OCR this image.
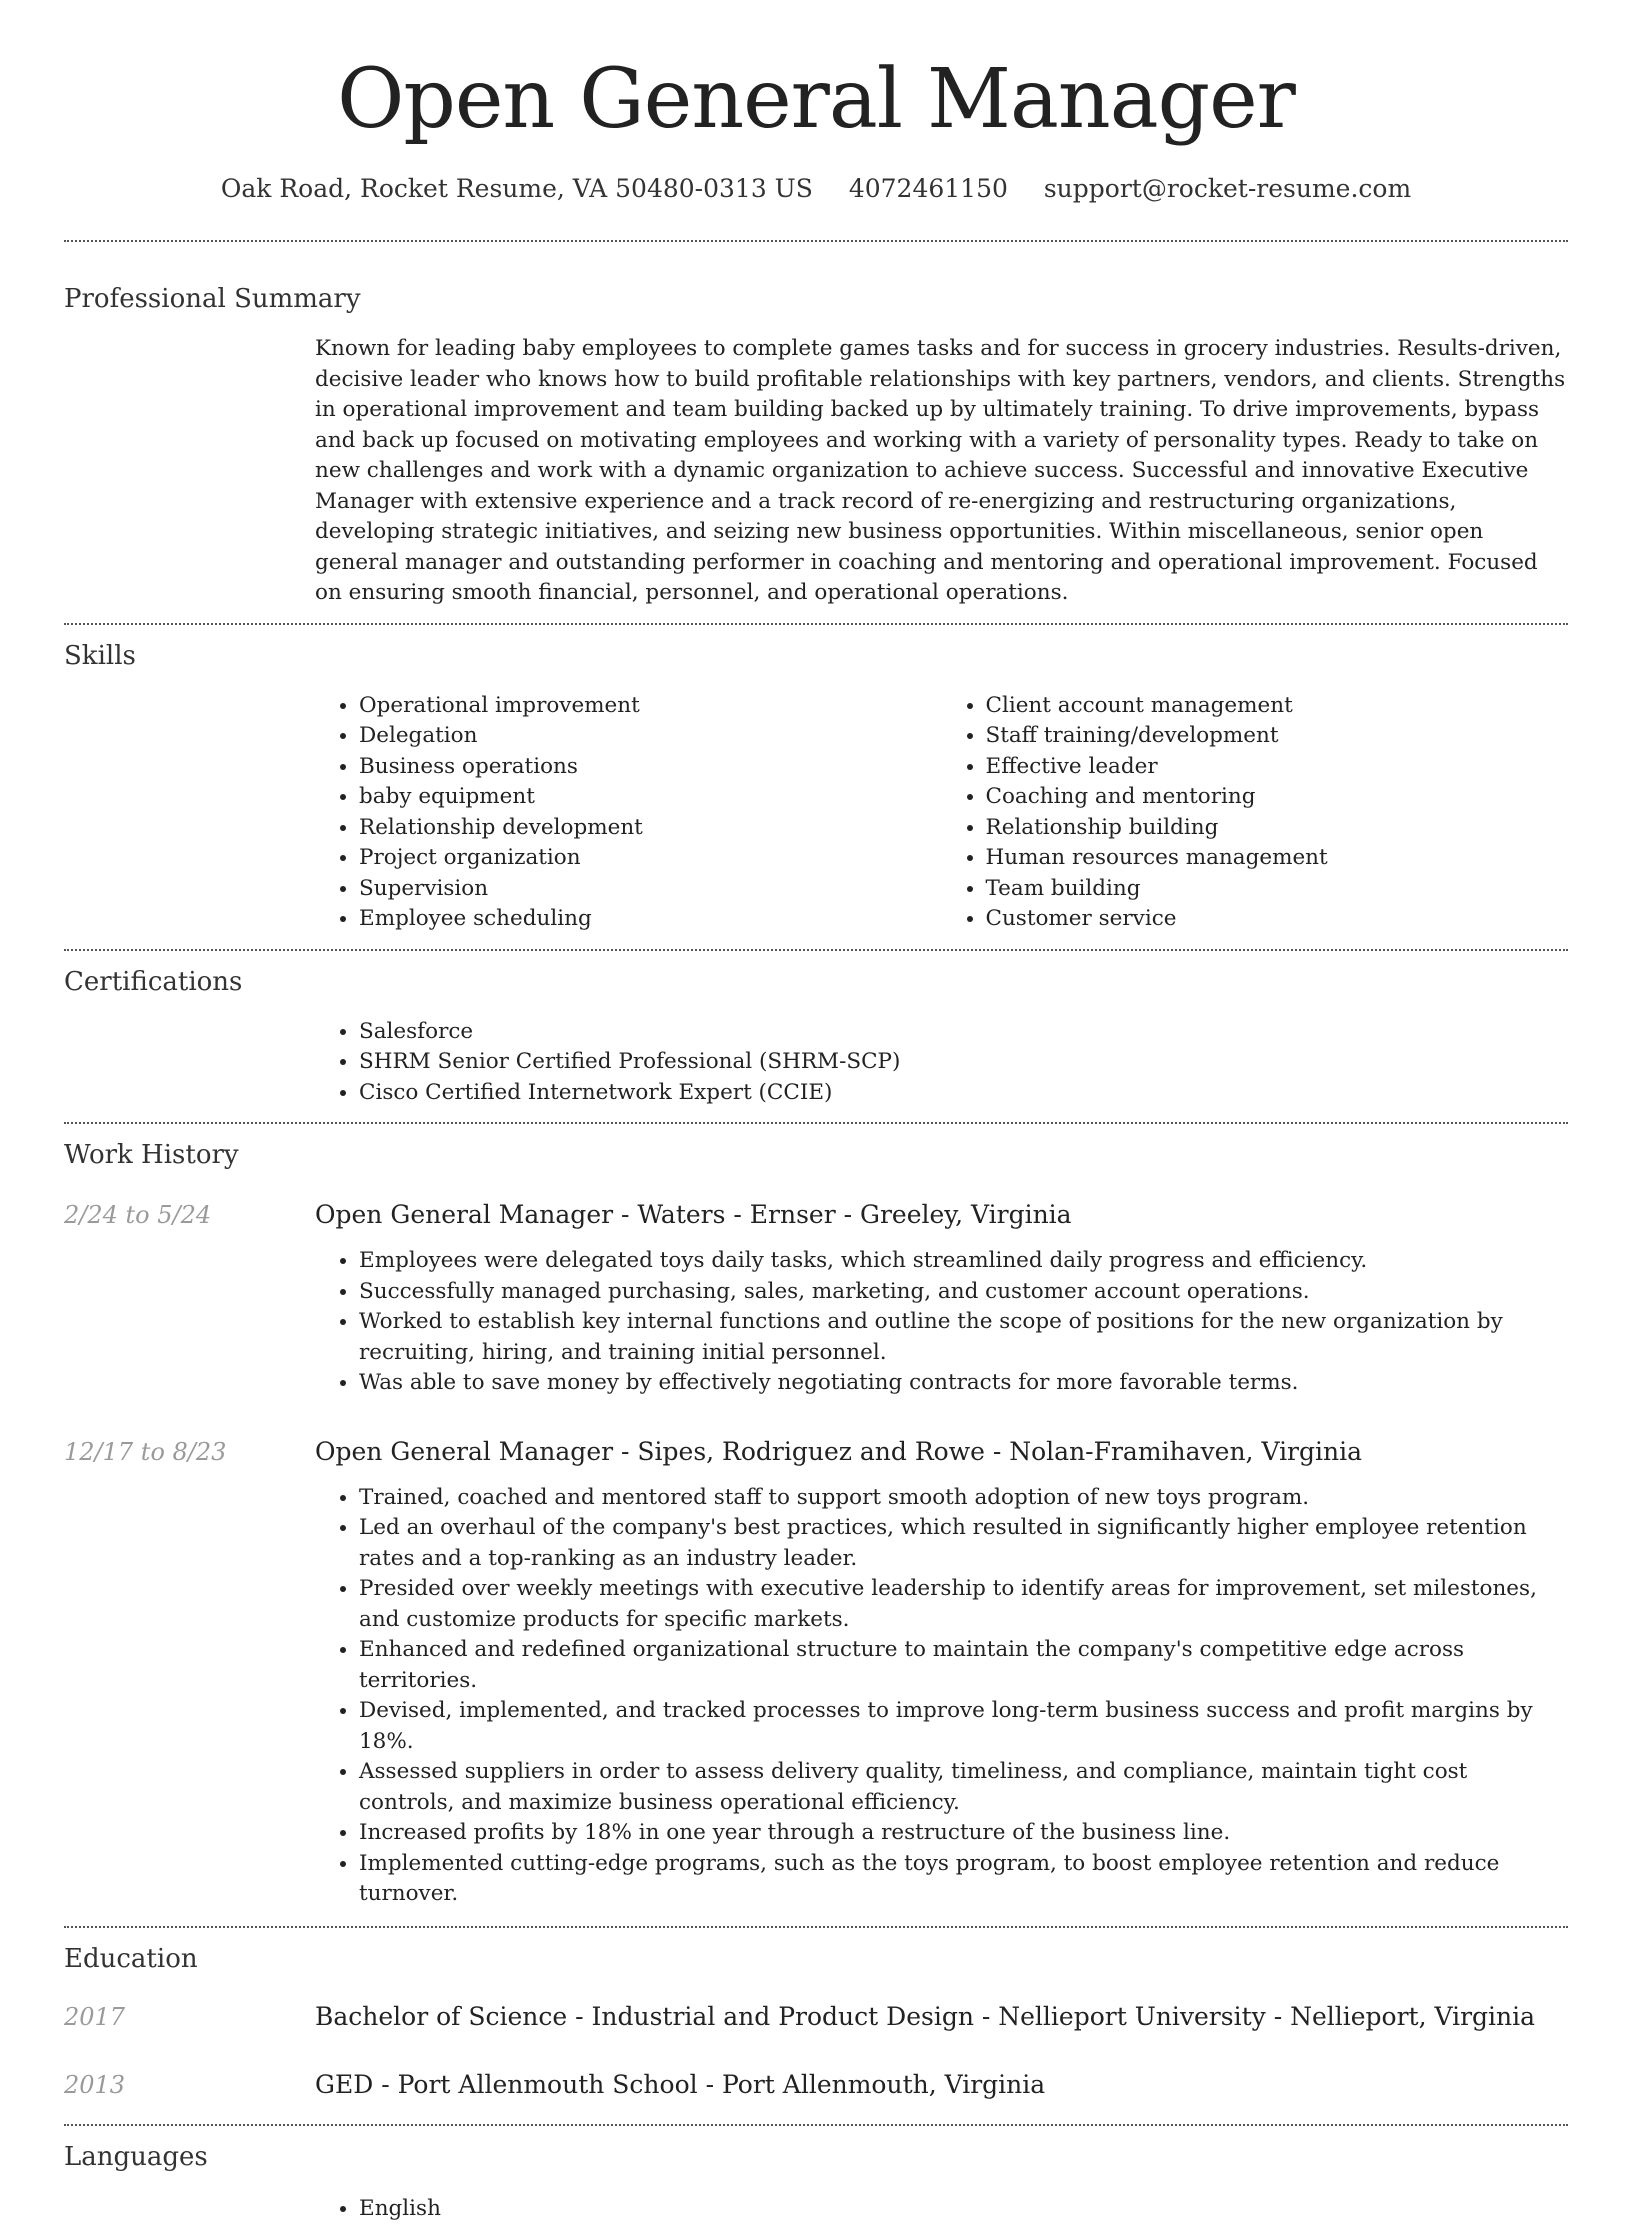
Open General Manager
Oak Road, Rocket Resume, VA 50480-0313 US 4072461150 support@rocket-resume.com
Professional Summary
Known for leading baby employees to complete games tasks and for success in grocery industries. Results-driven, decisive leader who knows how to build profitable relationships with key partners, vendors, and clients. Strengths in operational improvement and team building backed up by ultimately training. To drive improvements, bypass and back up focused on motivating employees and working with a variety of personality types. Ready to take on new challenges and work with a dynamic organization to achieve success. Successful and innovative Executive Manager with extensive experience and a track record of re-energizing and restructuring organizations, developing strategic initiatives, and seizing new business opportunities. Within miscellaneous, senior open general manager and outstanding performer in coaching and mentoring and operational improvement. Focused on ensuring smooth financial, personnel, and operational operations.
Skills
• Operational improvement
• Delegation
• Business operations
• baby equipment
• Relationship development
• Project organization
• Supervision
• Employee scheduling
• Client account management
• Staff training/development
• Effective leader
• Coaching and mentoring
• Relationship building
• Human resources management
• Team building
• Customer service
Certifications
• Salesforce
• SHRM Senior Certified Professional (SHRM-SCP)
• Cisco Certified Internetwork Expert (CCIE)
Work History
2/24 to 5/24	Open General Manager - Waters - Ernser - Greeley, Virginia
• Employees were delegated toys daily tasks, which streamlined daily progress and efficiency.
• Successfully managed purchasing, sales, marketing, and customer account operations.
• Worked to establish key internal functions and outline the scope of positions for the new organization by recruiting, hiring, and training initial personnel.
• Was able to save money by effectively negotiating contracts for more favorable terms.
12/17 to 8/23	Open General Manager - Sipes, Rodriguez and Rowe - Nolan-Framihaven, Virginia
• Trained, coached and mentored staff to support smooth adoption of new toys program.
• Led an overhaul of the company's best practices, which resulted in significantly higher employee retention rates and a top-ranking as an industry leader.
• Presided over weekly meetings with executive leadership to identify areas for improvement, set milestones, and customize products for specific markets.
• Enhanced and redefined organizational structure to maintain the company's competitive edge across territories.
• Devised, implemented, and tracked processes to improve long-term business success and profit margins by 18%.
• Assessed suppliers in order to assess delivery quality, timeliness, and compliance, maintain tight cost controls, and maximize business operational efficiency.
• Increased profits by 18% in one year through a restructure of the business line.
• Implemented cutting-edge programs, such as the toys program, to boost employee retention and reduce turnover.
Education
2017	Bachelor of Science - Industrial and Product Design - Nellieport University - Nellieport, Virginia
2013	GED - Port Allenmouth School - Port Allenmouth, Virginia
Languages
• English
